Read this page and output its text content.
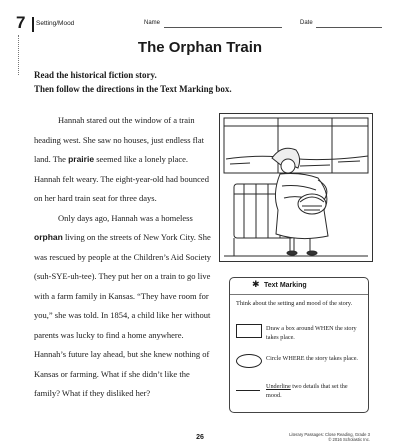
7 Setting/Mood	Name	Date
The Orphan Train
Read the historical fiction story.
Then follow the directions in the Text Marking box.

Hannah stared out the window of a train heading west. She saw no houses, just endless flat land. The prairie seemed like a lonely place. Hannah felt weary. The eight-year-old had bounced on her hard train seat for three days.

Only days ago, Hannah was a homeless orphan living on the streets of New York City. She was rescued by people at the Children’s Aid Society (suh-SYE-uh-tee). They put her on a train to go live with a farm family in Kansas. “They have room for you,” she was told. In 1854, a child like her without parents was lucky to find a home anywhere. Hannah’s future lay ahead, but she knew nothing of Kansas or farming. What if she didn’t like the family? What if they disliked her?

✱ Text Marking
Think about the setting and mood of the story.
Draw a box around WHEN the story takes place.
Circle WHERE the story takes place.
Underline two details that set the mood.
26	Literary Passages: Close Reading, Grade 3
© 2016 Scholastic Inc.
